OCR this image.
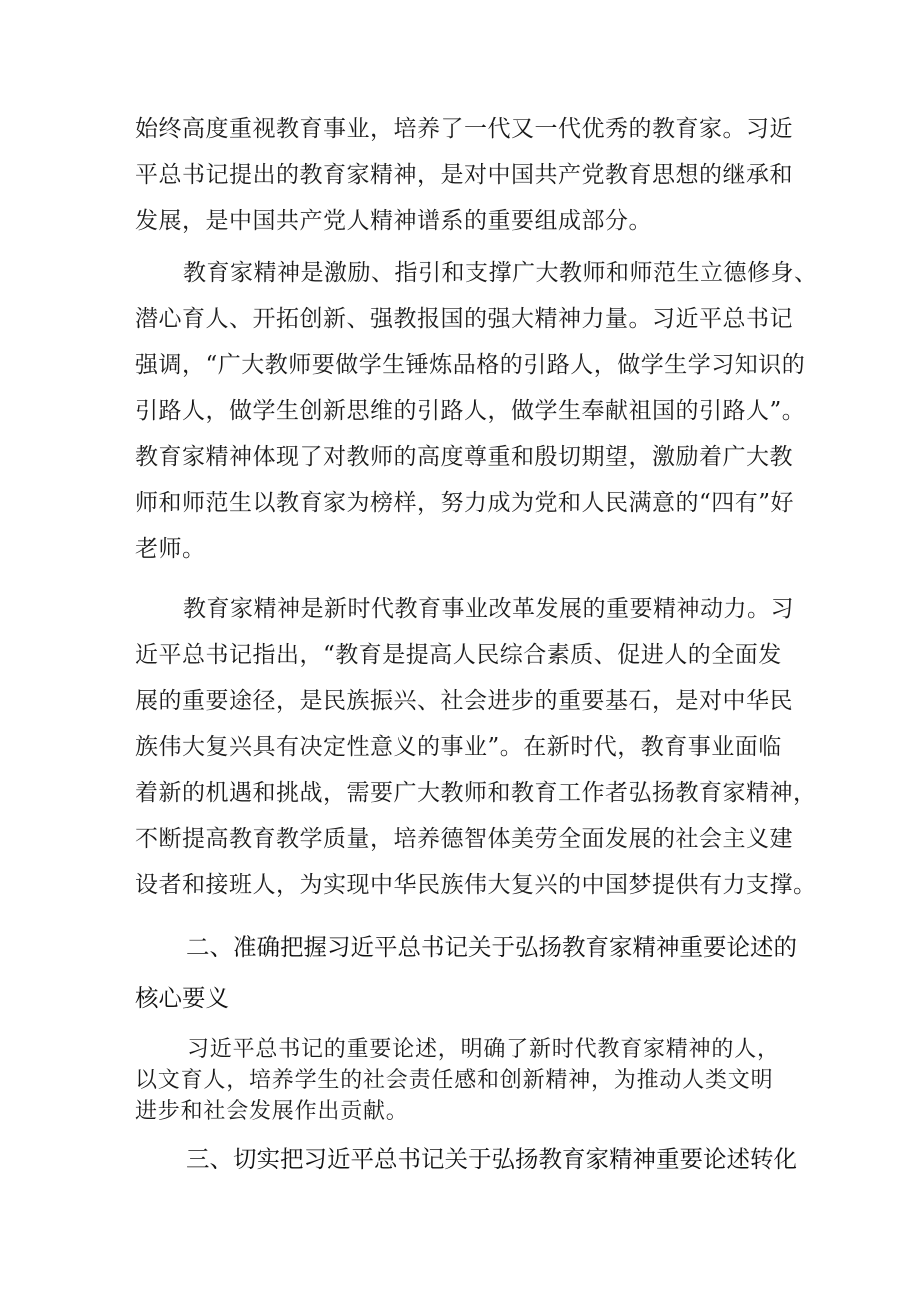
始终高度重视教育事业，培养了一代又一代优秀的教育家。习近
平总书记提出的教育家精神，是对中国共产党教育思想的继承和
发展，是中国共产党人精神谱系的重要组成部分。
教育家精神是激励、指引和支撑广大教师和师范生立德修身、
潜心育人、开拓创新、强教报国的强大精神力量。习近平总书记
强调，“广大教师要做学生锤炼品格的引路人，做学生学习知识的
引路人，做学生创新思维的引路人，做学生奉献祖国的引路人”。
教育家精神体现了对教师的高度尊重和殷切期望，激励着广大教
师和师范生以教育家为榜样，努力成为党和人民满意的“四有”好
老师。
教育家精神是新时代教育事业改革发展的重要精神动力。习
近平总书记指出，“教育是提高人民综合素质、促进人的全面发
展的重要途径，是民族振兴、社会进步的重要基石，是对中华民
族伟大复兴具有决定性意义的事业”。在新时代，教育事业面临
着新的机遇和挑战，需要广大教师和教育工作者弘扬教育家精神，
不断提高教育教学质量，培养德智体美劳全面发展的社会主义建
设者和接班人，为实现中华民族伟大复兴的中国梦提供有力支撑。
二、准确把握习近平总书记关于弘扬教育家精神重要论述的
核心要义
习近平总书记的重要论述，明确了新时代教育家精神的人，
以文育人，培养学生的社会责任感和创新精神，为推动人类文明
进步和社会发展作出贡献。
三、切实把习近平总书记关于弘扬教育家精神重要论述转化
